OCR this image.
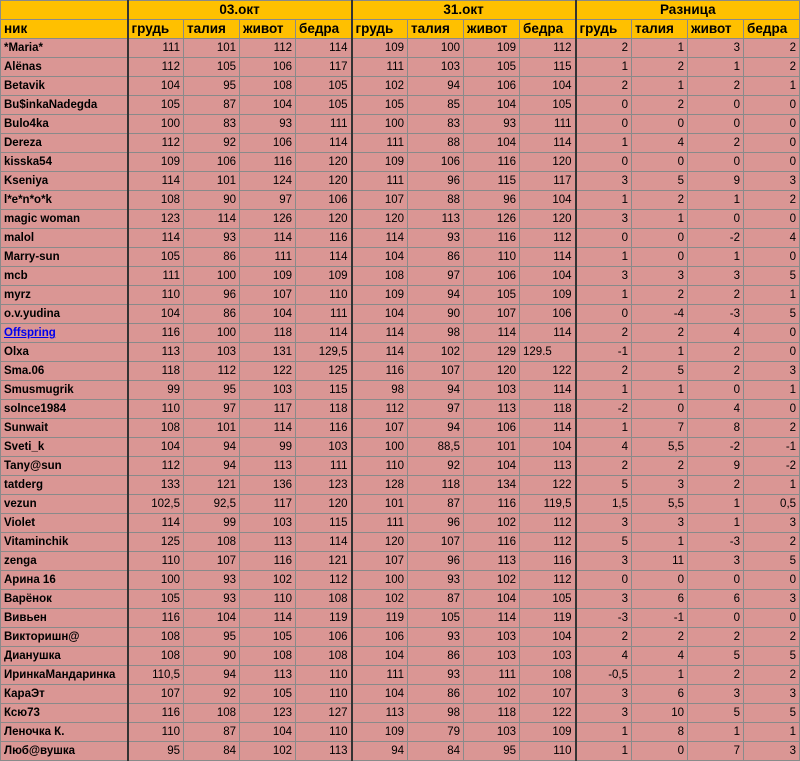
	03.окт				31.окт				Разница			
ник	грудь	талия	живот	бедра	грудь	талия	живот	бедра	грудь	талия	живот	бедра
*Maria*	111	101	112	114	109	100	109	112	2	1	3	2
Alёnas	112	105	106	117	111	103	105	115	1	2	1	2
Betavik	104	95	108	105	102	94	106	104	2	1	2	1
Bu$inkaNadegda	105	87	104	105	105	85	104	105	0	2	0	0
Bulo4ka	100	83	93	111	100	83	93	111	0	0	0	0
Dereza	112	92	106	114	111	88	104	114	1	4	2	0
kisska54	109	106	116	120	109	106	116	120	0	0	0	0
Kseniya	114	101	124	120	111	96	115	117	3	5	9	3
l*e*n*o*k	108	90	97	106	107	88	96	104	1	2	1	2
magic woman	123	114	126	120	120	113	126	120	3	1	0	0
malol	114	93	114	116	114	93	116	112	0	0	-2	4
Marry-sun	105	86	111	114	104	86	110	114	1	0	1	0
mcb	111	100	109	109	108	97	106	104	3	3	3	5
myrz	110	96	107	110	109	94	105	109	1	2	2	1
o.v.yudina	104	86	104	111	104	90	107	106	0	-4	-3	5
Offspring	116	100	118	114	114	98	114	114	2	2	4	0
Olxa	113	103	131	129,5	114	102	129	129.5	-1	1	2	0
Sma.06	118	112	122	125	116	107	120	122	2	5	2	3
Smusmugrik	99	95	103	115	98	94	103	114	1	1	0	1
solnce1984	110	97	117	118	112	97	113	118	-2	0	4	0
Sunwait	108	101	114	116	107	94	106	114	1	7	8	2
Sveti_k	104	94	99	103	100	88,5	101	104	4	5,5	-2	-1
Tany@sun	112	94	113	111	110	92	104	113	2	2	9	-2
tatderg	133	121	136	123	128	118	134	122	5	3	2	1
vezun	102,5	92,5	117	120	101	87	116	119,5	1,5	5,5	1	0,5
Violet	114	99	103	115	111	96	102	112	3	3	1	3
Vitaminchik	125	108	113	114	120	107	116	112	5	1	-3	2
zenga	110	107	116	121	107	96	113	116	3	11	3	5
Арина 16	100	93	102	112	100	93	102	112	0	0	0	0
Варёнок	105	93	110	108	102	87	104	105	3	6	6	3
Вивьен	116	104	114	119	119	105	114	119	-3	-1	0	0
Викторишн@	108	95	105	106	106	93	103	104	2	2	2	2
Дианушка	108	90	108	108	104	86	103	103	4	4	5	5
ИринкаМандаринка	110,5	94	113	110	111	93	111	108	-0,5	1	2	2
КараЭт	107	92	105	110	104	86	102	107	3	6	3	3
Ксю73	116	108	123	127	113	98	118	122	3	10	5	5
Леночка К.	110	87	104	110	109	79	103	109	1	8	1	1
Люб@вушка	95	84	102	113	94	84	95	110	1	0	7	3
